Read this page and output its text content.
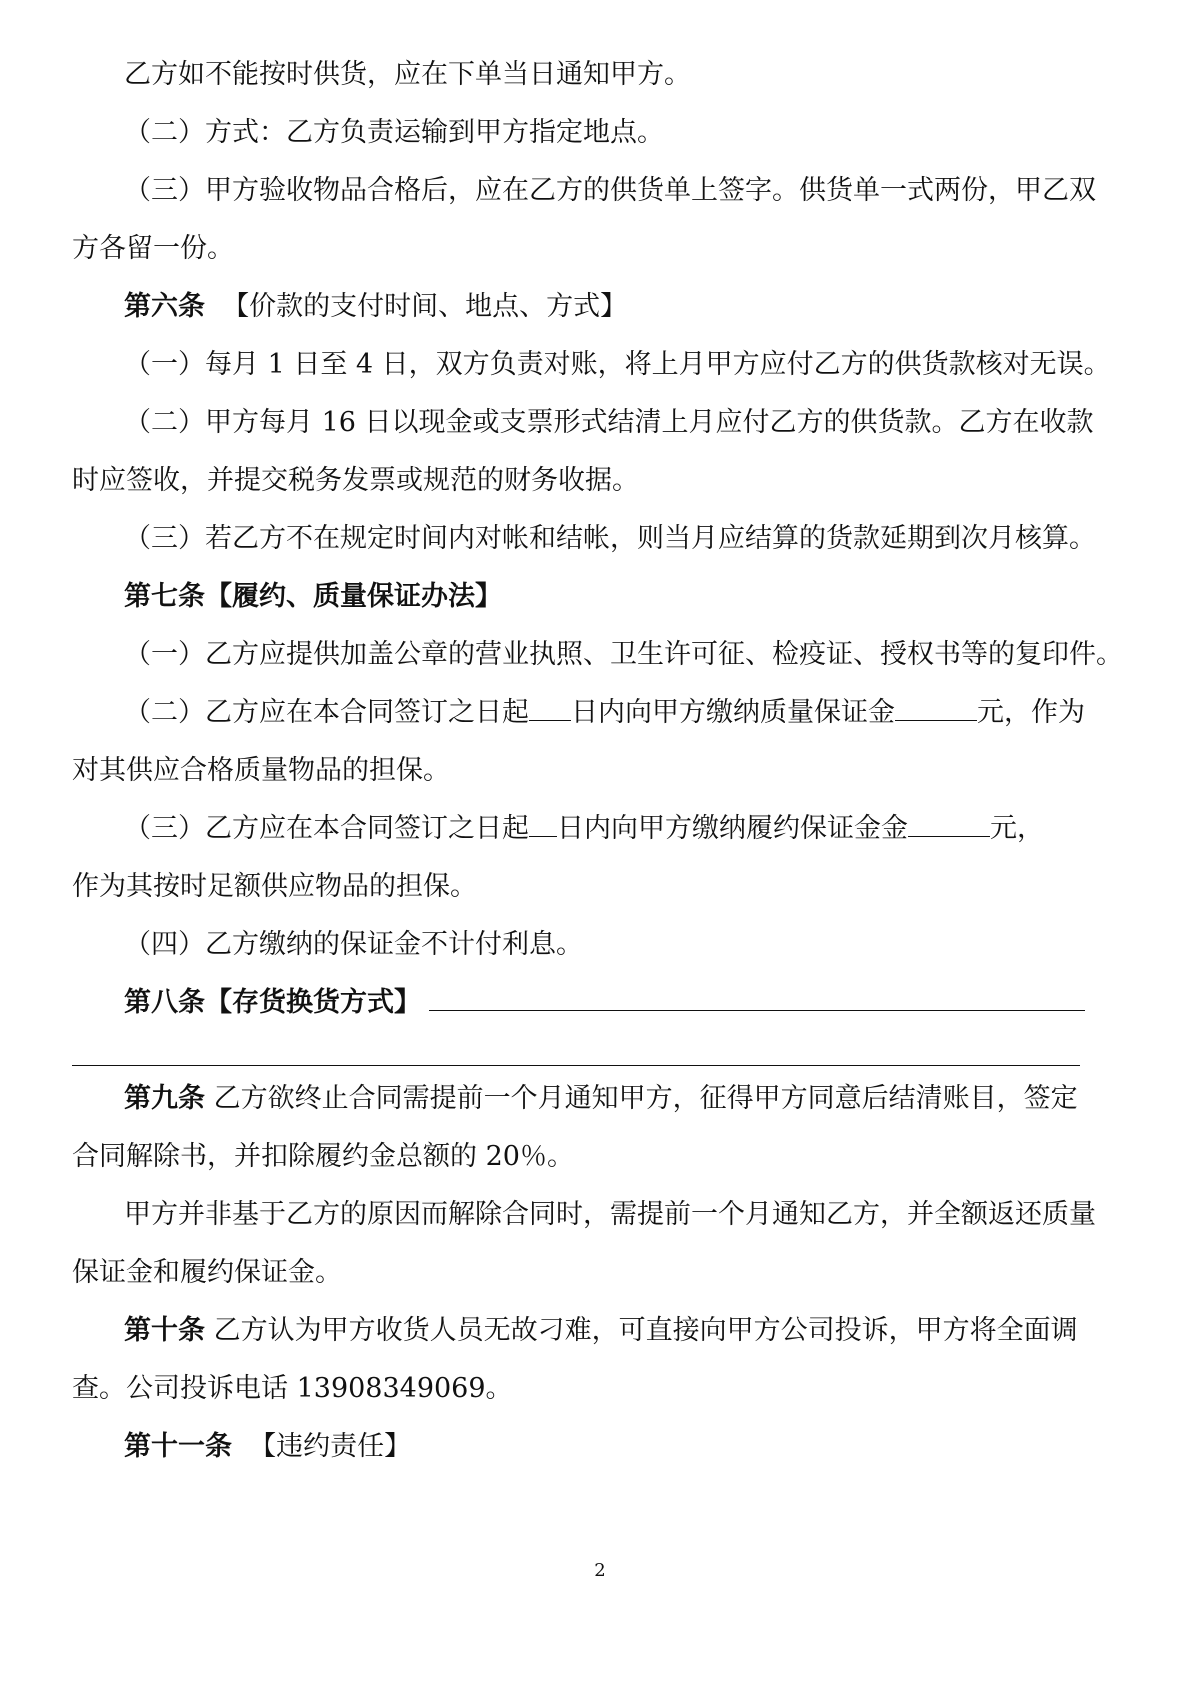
乙方如不能按时供货，应在下单当日通知甲方。
（二）方式：乙方负责运输到甲方指定地点。
（三）甲方验收物品合格后，应在乙方的供货单上签字。供货单一式两份，甲乙双
方各留一份。
第六条 【价款的支付时间、地点、方式】
（一）每月 1 日至 4 日，双方负责对账，将上月甲方应付乙方的供货款核对无误。
（二）甲方每月 16 日以现金或支票形式结清上月应付乙方的供货款。乙方在收款
时应签收，并提交税务发票或规范的财务收据。
（三）若乙方不在规定时间内对帐和结帐，则当月应结算的货款延期到次月核算。
第七条【履约、质量保证办法】
（一）乙方应提供加盖公章的营业执照、卫生许可征、检疫证、授权书等的复印件。
（二）乙方应在本合同签订之日起 日内向甲方缴纳质量保证金	元，作为
对其供应合格质量物品的担保。
（三）乙方应在本合同签订之日起 日内向甲方缴纳履约保证金金	元，
作为其按时足额供应物品的担保。
（四）乙方缴纳的保证金不计付利息。
第八条【存货换货方式】
第九条 乙方欲终止合同需提前一个月通知甲方，征得甲方同意后结清账目，签定
合同解除书，并扣除履约金总额的 20％。
甲方并非基于乙方的原因而解除合同时，需提前一个月通知乙方，并全额返还质量
保证金和履约保证金。
第十条 乙方认为甲方收货人员无故刁难，可直接向甲方公司投诉，甲方将全面调
查。公司投诉电话 13908349069。
第十一条 【违约责任】
2
